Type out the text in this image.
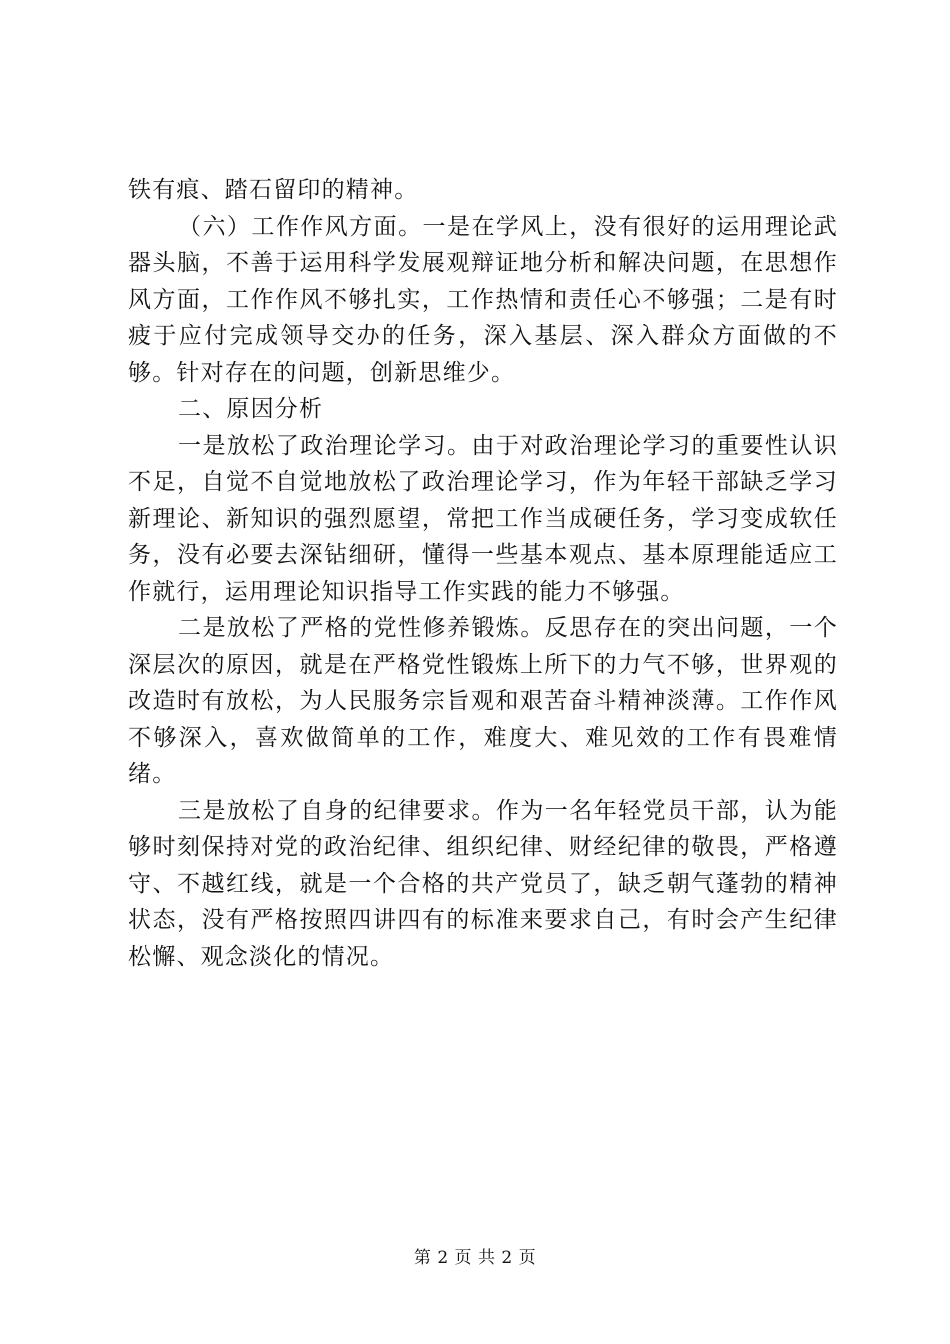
铁有痕、踏石留印的精神。

（六）工作作风方面。一是在学风上，没有很好的运用理论武器头脑，不善于运用科学发展观辩证地分析和解决问题，在思想作风方面，工作作风不够扎实，工作热情和责任心不够强；二是有时疲于应付完成领导交办的任务，深入基层、深入群众方面做的不够。针对存在的问题，创新思维少。

二、原因分析

一是放松了政治理论学习。由于对政治理论学习的重要性认识不足，自觉不自觉地放松了政治理论学习，作为年轻干部缺乏学习新理论、新知识的强烈愿望，常把工作当成硬任务，学习变成软任务，没有必要去深钻细研，懂得一些基本观点、基本原理能适应工作就行，运用理论知识指导工作实践的能力不够强。

二是放松了严格的党性修养锻炼。反思存在的突出问题，一个深层次的原因，就是在严格党性锻炼上所下的力气不够，世界观的改造时有放松，为人民服务宗旨观和艰苦奋斗精神淡薄。工作作风不够深入，喜欢做简单的工作，难度大、难见效的工作有畏难情绪。

三是放松了自身的纪律要求。作为一名年轻党员干部，认为能够时刻保持对党的政治纪律、组织纪律、财经纪律的敬畏，严格遵守、不越红线，就是一个合格的共产党员了，缺乏朝气蓬勃的精神状态，没有严格按照四讲四有的标准来要求自己，有时会产生纪律松懈、观念淡化的情况。

第 2 页 共 2 页
